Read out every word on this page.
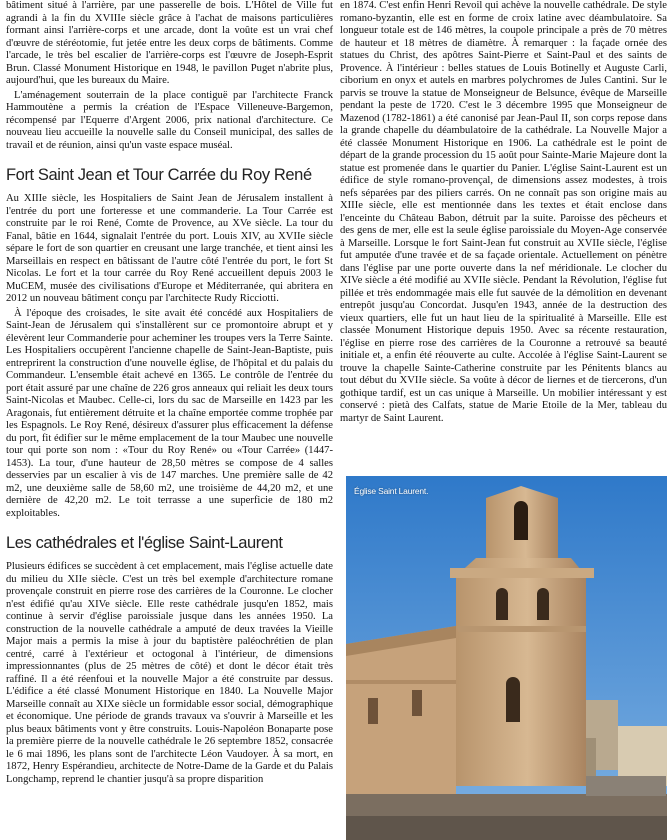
bâtiment situé à l'arrière, par une passerelle de bois. L'Hôtel de Ville fut agrandi à la fin du XVIIIe siècle grâce à l'achat de maisons particulières formant ainsi l'arrière-corps et une arcade, dont la voûte est un vrai chef d'œuvre de stéréotomie, fut jetée entre les deux corps de bâtiments. Comme l'arcade, le très bel escalier de l'arrière-corps est l'œuvre de Joseph-Esprit Brun. Classé Monument Historique en 1948, le pavillon Puget n'abrite plus, aujourd'hui, que les bureaux du Maire.

L'aménagement souterrain de la place contiguë par l'architecte Franck Hammoutène a permis la création de l'Espace Villeneuve-Bargemon, récompensé par l'Equerre d'Argent 2006, prix national d'architecture. Ce nouveau lieu accueille la nouvelle salle du Conseil municipal, des salles de travail et de réunion, ainsi qu'un vaste espace muséal.

Fort Saint Jean et Tour Carrée du Roy René

Au XIIIe siècle, les Hospitaliers de Saint Jean de Jérusalem installent à l'entrée du port une forteresse et une commanderie. La Tour Carrée est construite par le roi René, Comte de Provence, au XVe siècle. La tour du Fanal, bâtie en 1644, signalait l'entrée du port. Louis XIV, au XVIIe siècle sépare le fort de son quartier en creusant une large tranchée, et tient ainsi les Marseillais en respect en bâtissant de l'autre côté l'entrée du port, le fort St Nicolas. Le fort et la tour carrée du Roy René accueillent depuis 2003 le MuCEM, musée des civilisations d'Europe et Méditerranée, qui abritera en 2012 un nouveau bâtiment conçu par l'architecte Rudy Ricciotti.

À l'époque des croisades, le site avait été concédé aux Hospitaliers de Saint-Jean de Jérusalem qui s'installèrent sur ce promontoire abrupt et y élevèrent leur Commanderie pour acheminer les troupes vers la Terre Sainte. Les Hospitaliers occupèrent l'ancienne chapelle de Saint-Jean-Baptiste, puis entreprirent la construction d'une nouvelle église, de l'hôpital et du palais du Commandeur. L'ensemble était achevé en 1365. Le contrôle de l'entrée du port était assuré par une chaîne de 226 gros anneaux qui reliait les deux tours Saint-Nicolas et Maubec. Celle-ci, lors du sac de Marseille en 1423 par les Aragonais, fut entièrement détruite et la chaîne emportée comme trophée par les Espagnols. Le Roy René, désireux d'assurer plus efficacement la défense du port, fit édifier sur le même emplacement de la tour Maubec une nouvelle tour qui porte son nom : «Tour du Roy René» ou «Tour Carrée» (1447-1453). La tour, d'une hauteur de 28,50 mètres se compose de 4 salles desservies par un escalier à vis de 147 marches. Une première salle de 42 m2, une deuxième salle de 58,60 m2, une troisième de 44,20 m2, et une dernière de 42,20 m2. Le toit terrasse a une superficie de 180 m2 exploitables.

Les cathédrales et l'église Saint-Laurent

Plusieurs édifices se succèdent à cet emplacement, mais l'église actuelle date du milieu du XIIe siècle. C'est un très bel exemple d'architecture romane provençale construit en pierre rose des carrières de la Couronne. Le clocher n'est édifié qu'au XIVe siècle. Elle reste cathédrale jusqu'en 1852, mais continue à servir d'église paroissiale jusque dans les années 1950. La construction de la nouvelle cathédrale a amputé de deux travées la Vieille Major mais a permis la mise à jour du baptistère paléochrétien de plan centré, carré à l'extérieur et octogonal à l'intérieur, de dimensions impressionnantes (plus de 25 mètres de côté) et dont le décor était très raffiné. Il a été réenfoui et la nouvelle Major a été construite par dessus. L'édifice a été classé Monument Historique en 1840. La Nouvelle Major Marseille connaît au XIXe siècle un formidable essor social, démographique et économique. Une période de grands travaux va s'ouvrir à Marseille et les plus beaux bâtiments vont y être construits. Louis-Napoléon Bonaparte pose la première pierre de la nouvelle cathédrale le 26 septembre 1852, consacrée le 6 mai 1896, les plans sont de l'architecte Léon Vaudoyer. À sa mort, en 1872, Henry Espérandieu, architecte de Notre-Dame de la Garde et du Palais Longchamp, reprend le chantier jusqu'à sa propre disparition

en 1874. C'est enfin Henri Revoil qui achève la nouvelle cathédrale. De style romano-byzantin, elle est en forme de croix latine avec déambulatoire. Sa longueur totale est de 146 mètres, la coupole principale a près de 70 mètres de hauteur et 18 mètres de diamètre. À remarquer : la façade ornée des statues du Christ, des apôtres Saint-Pierre et Saint-Paul et des saints de Provence. À l'intérieur : belles statues de Louis Botinelly et Auguste Carli, ciborium en onyx et autels en marbres polychromes de Jules Cantini. Sur le parvis se trouve la statue de Monseigneur de Belsunce, évêque de Marseille pendant la peste de 1720. C'est le 3 décembre 1995 que Monseigneur de Mazenod (1782-1861) a été canonisé par Jean-Paul II, son corps repose dans la grande chapelle du déambulatoire de la cathédrale. La Nouvelle Major a été classée Monument Historique en 1906. La cathédrale est le point de départ de la grande procession du 15 août pour Sainte-Marie Majeure dont la statue est promenée dans le quartier du Panier. L'église Saint-Laurent est un édifice de style romano-provençal, de dimensions assez modestes, à trois nefs séparées par des piliers carrés. On ne connaît pas son origine mais au XIIIe siècle, elle est mentionnée dans les textes et était enclose dans l'enceinte du Château Babon, détruit par la suite. Paroisse des pêcheurs et des gens de mer, elle est la seule église paroissiale du Moyen-Age conservée à Marseille. Lorsque le fort Saint-Jean fut construit au XVIIe siècle, l'église fut amputée d'une travée et de sa façade orientale. Actuellement on pénètre dans l'église par une porte ouverte dans la nef méridionale. Le clocher du XIVe siècle a été modifié au XVIIe siècle. Pendant la Révolution, l'église fut pillée et très endommagée mais elle fut sauvée de la démolition en devenant entrepôt jusqu'au Concordat. Jusqu'en 1943, année de la destruction des vieux quartiers, elle fut un haut lieu de la spiritualité à Marseille. Elle est classée Monument Historique depuis 1950. Avec sa récente restauration, l'église en pierre rose des carrières de la Couronne a retrouvé sa beauté initiale et, a enfin été réouverte au culte. Accolée à l'église Saint-Laurent se trouve la chapelle Sainte-Catherine construite par les Pénitents blancs au tout début du XVIIe siècle. Sa voûte à décor de liernes et de tiercerons, d'un gothique tardif, est un cas unique à Marseille. Un mobilier intéressant y est conservé : pietà des Calfats, statue de Marie Etoile de la Mer, tableau du martyr de Saint Laurent.

Église Saint Laurent.
